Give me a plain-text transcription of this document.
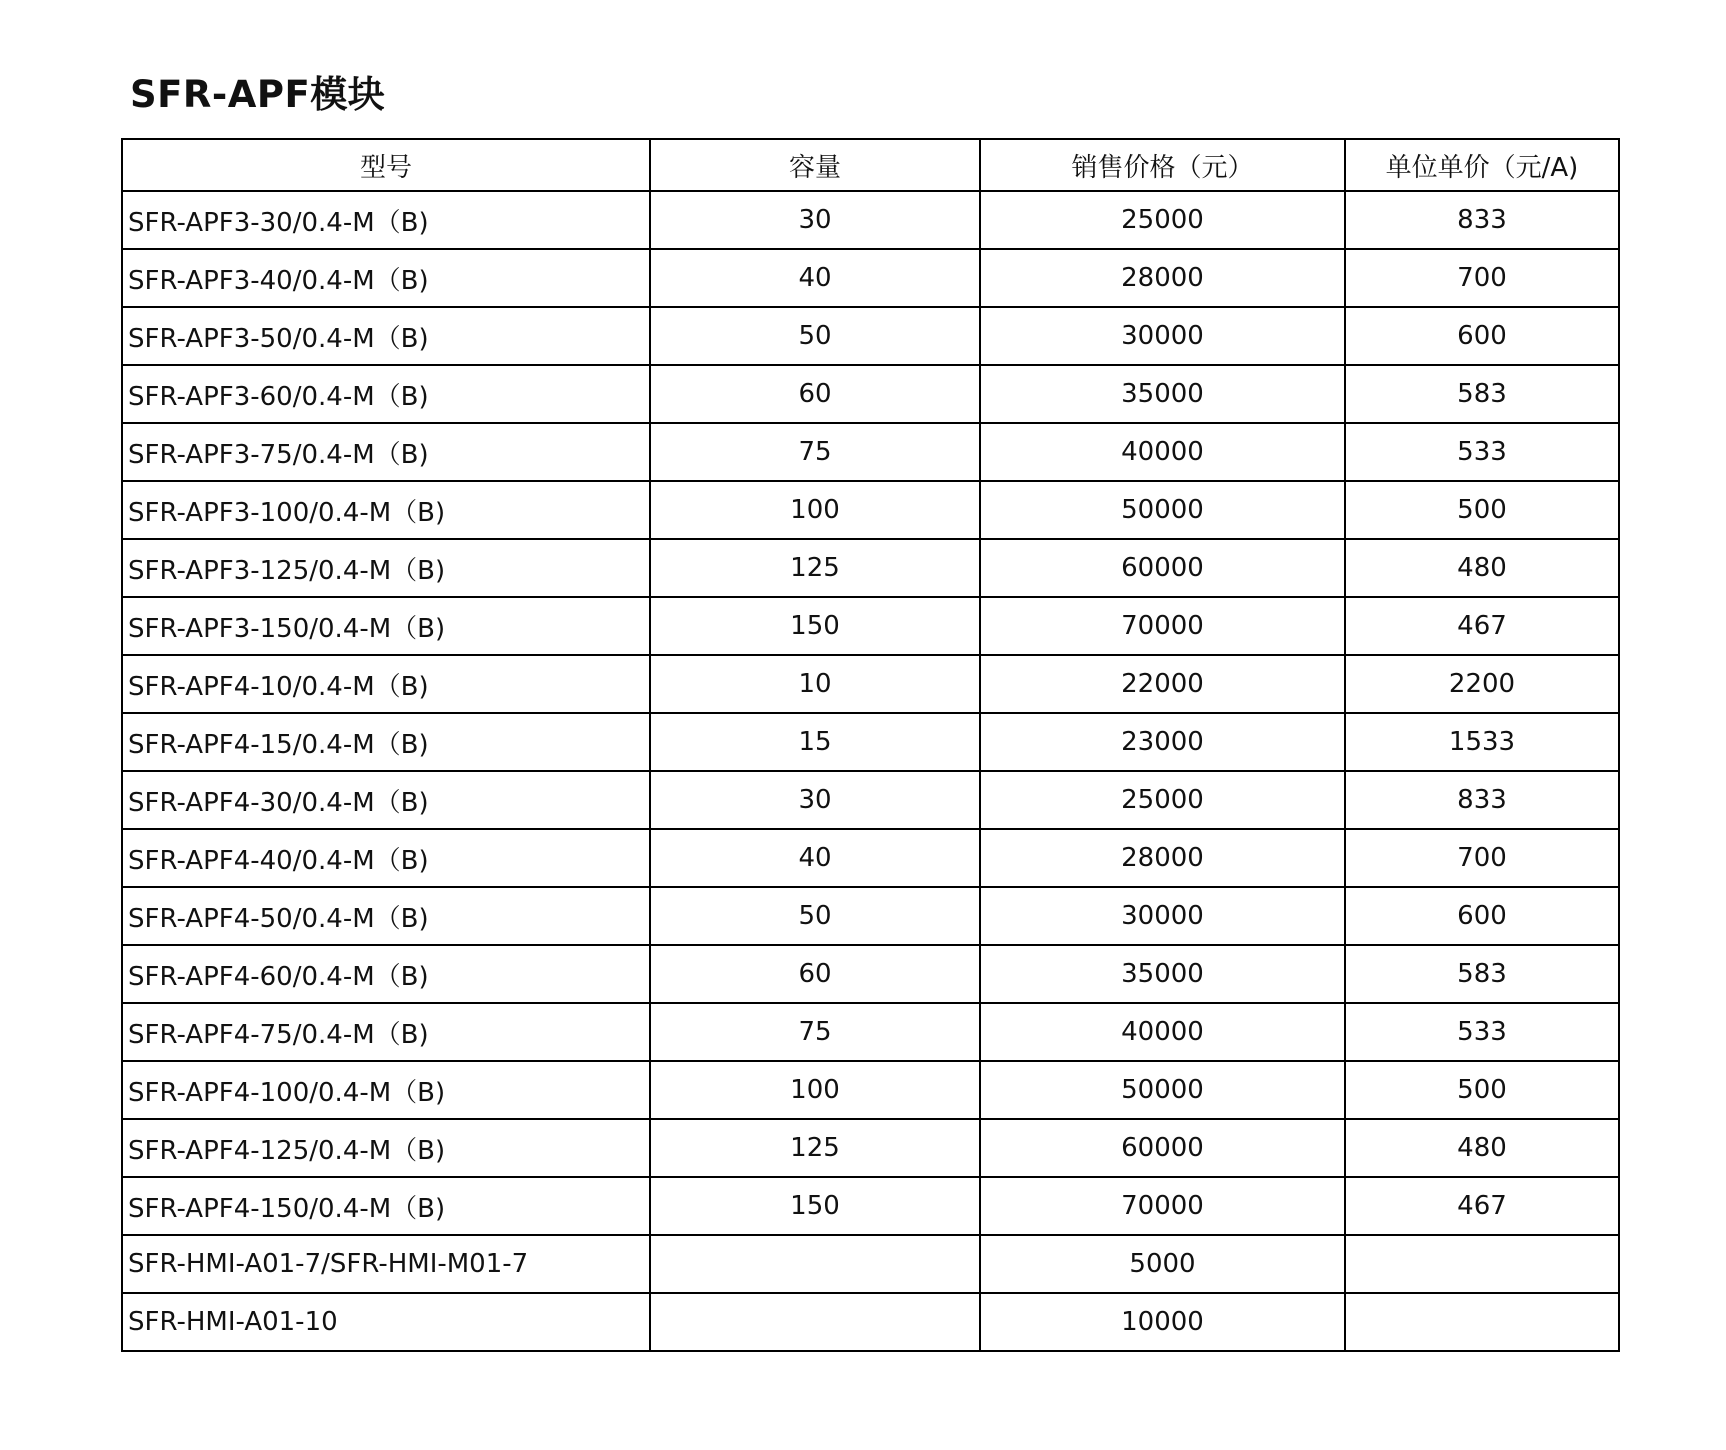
SFR-APF模块
型号	容量	销售价格（元）	单位单价（元/A)
SFR-APF3-30/0.4-M（B)	30	25000	833
SFR-APF3-40/0.4-M（B)	40	28000	700
SFR-APF3-50/0.4-M（B)	50	30000	600
SFR-APF3-60/0.4-M（B)	60	35000	583
SFR-APF3-75/0.4-M（B)	75	40000	533
SFR-APF3-100/0.4-M（B)	100	50000	500
SFR-APF3-125/0.4-M（B)	125	60000	480
SFR-APF3-150/0.4-M（B)	150	70000	467
SFR-APF4-10/0.4-M（B)	10	22000	2200
SFR-APF4-15/0.4-M（B)	15	23000	1533
SFR-APF4-30/0.4-M（B)	30	25000	833
SFR-APF4-40/0.4-M（B)	40	28000	700
SFR-APF4-50/0.4-M（B)	50	30000	600
SFR-APF4-60/0.4-M（B)	60	35000	583
SFR-APF4-75/0.4-M（B)	75	40000	533
SFR-APF4-100/0.4-M（B)	100	50000	500
SFR-APF4-125/0.4-M（B)	125	60000	480
SFR-APF4-150/0.4-M（B)	150	70000	467
SFR-HMI-A01-7/SFR-HMI-M01-7		5000	
SFR-HMI-A01-10		10000	
